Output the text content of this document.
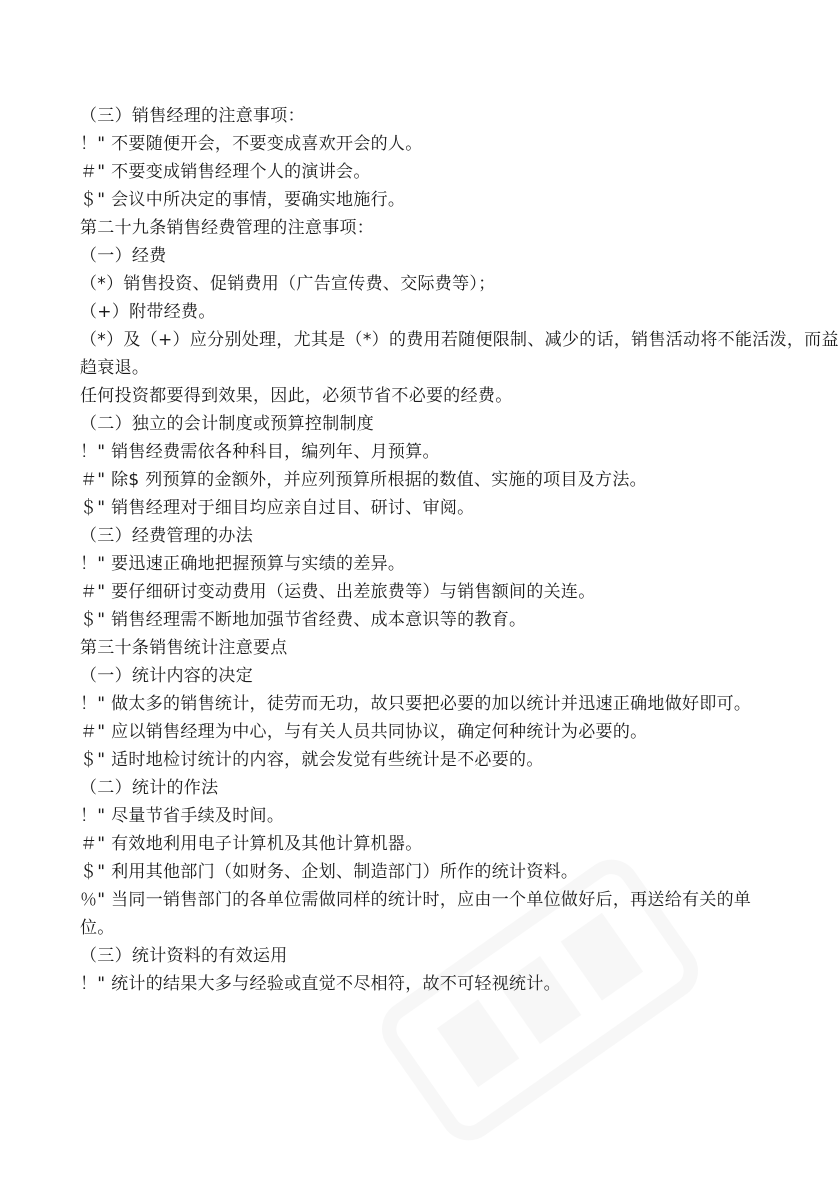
（三）销售经理的注意事项：

！" 不要随便开会，不要变成喜欢开会的人。

＃" 不要变成销售经理个人的演讲会。

＄" 会议中所决定的事情，要确实地施行。

第二十九条销售经费管理的注意事项：

（一）经费

（*）销售投资、促销费用（广告宣传费、交际费等）；

（+）附带经费。

（*）及（+）应分别处理，尤其是（*）的费用若随便限制、减少的话，销售活动将不能活泼，而益

趋衰退。

任何投资都要得到效果，因此，必须节省不必要的经费。

（二）独立的会计制度或预算控制制度

！" 销售经费需依各种科目，编列年、月预算。

＃" 除$ 列预算的金额外，并应列预算所根据的数值、实施的项目及方法。

＄" 销售经理对于细目均应亲自过目、研讨、审阅。

（三）经费管理的办法

！" 要迅速正确地把握预算与实绩的差异。

＃" 要仔细研讨变动费用（运费、出差旅费等）与销售额间的关连。

＄" 销售经理需不断地加强节省经费、成本意识等的教育。

第三十条销售统计注意要点

（一）统计内容的决定

！" 做太多的销售统计，徒劳而无功，故只要把必要的加以统计并迅速正确地做好即可。

＃" 应以销售经理为中心，与有关人员共同协议，确定何种统计为必要的。

＄" 适时地检讨统计的内容，就会发觉有些统计是不必要的。

（二）统计的作法

！" 尽量节省手续及时间。

＃" 有效地利用电子计算机及其他计算机器。

＄" 利用其他部门（如财务、企划、制造部门）所作的统计资料。

％" 当同一销售部门的各单位需做同样的统计时，应由一个单位做好后，再送给有关的单位。

（三）统计资料的有效运用

！" 统计的结果大多与经验或直觉不尽相符，故不可轻视统计。
